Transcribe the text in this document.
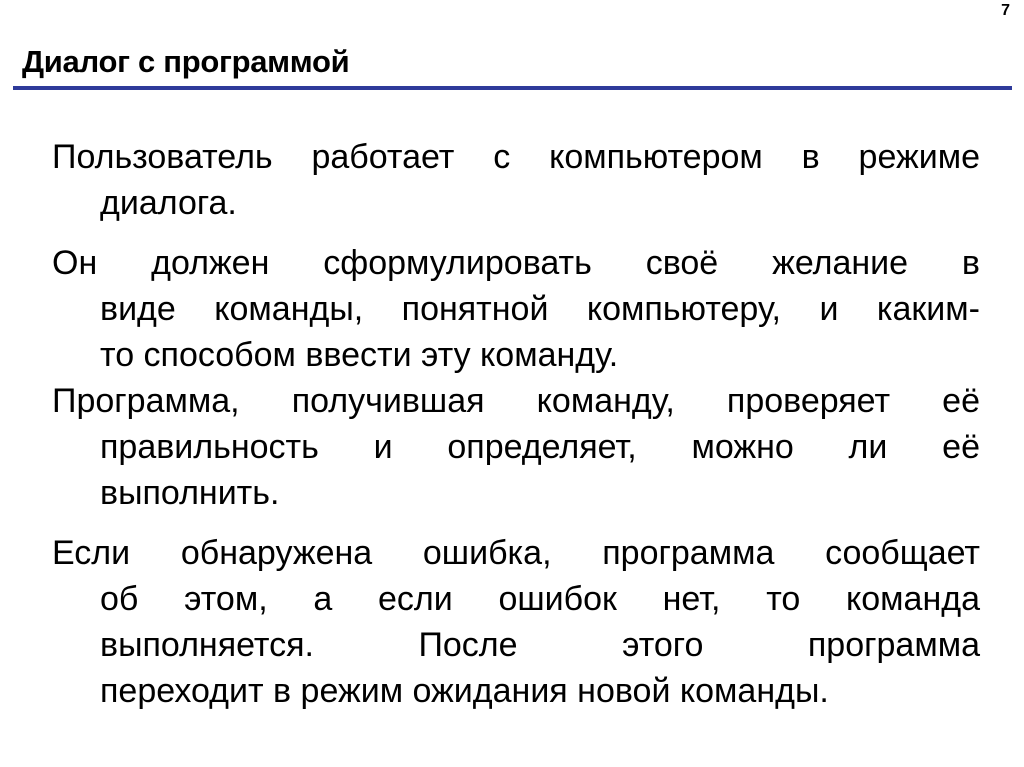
7
Диалог с программой
Пользователь работает с компьютером в режиме
диалога.
Он должен сформулировать своё желание в
виде команды, понятной компьютеру, и каким-
то способом ввести эту команду.
Программа, получившая команду, проверяет её
правильность и определяет, можно ли её
выполнить.
Если обнаружена ошибка, программа сообщает
об этом, а если ошибок нет, то команда
выполняется. После этого программа
переходит в режим ожидания новой команды.
